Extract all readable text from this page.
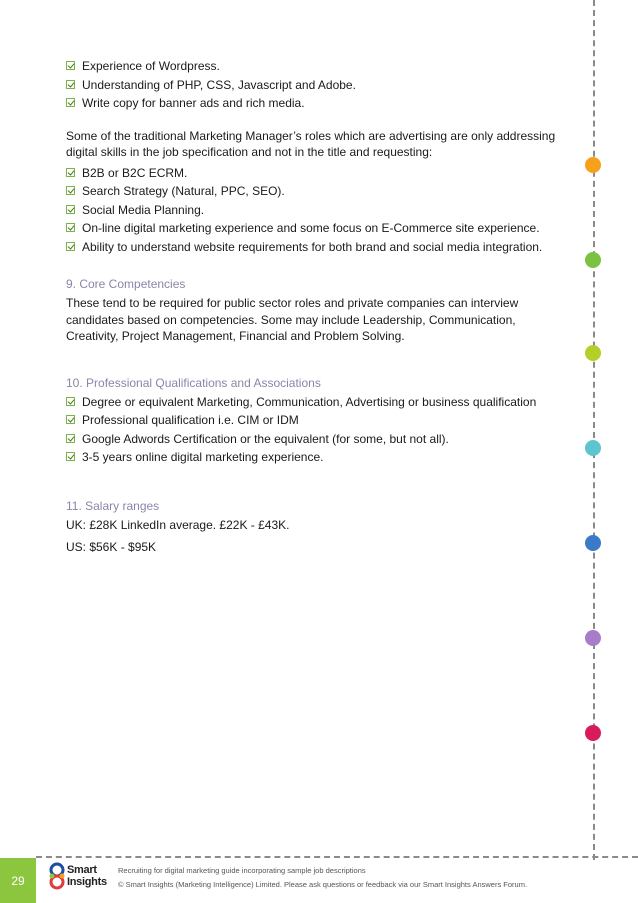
Experience of Wordpress.
Understanding of PHP, CSS, Javascript and Adobe.
Write copy for banner ads and rich media.

Some of the traditional Marketing Manager’s roles which are advertising are only addressing digital skills in the job specification and not in the title and requesting:

B2B or B2C ECRM.
Search Strategy (Natural, PPC, SEO).
Social Media Planning.
On-line digital marketing experience and some focus on E-Commerce site experience.
Ability to understand website requirements for both brand and social media integration.

9. Core Competencies

These tend to be required for public sector roles and private companies can interview candidates based on competencies. Some may include Leadership, Communication, Creativity, Project Management, Financial and Problem Solving.

10. Professional Qualifications and Associations

Degree or equivalent Marketing, Communication, Advertising or business qualification
Professional qualification i.e. CIM or IDM
Google Adwords Certification or the equivalent (for some, but not all).
3-5 years online digital marketing experience.

11. Salary ranges

UK: £28K LinkedIn average. £22K - £43K.

US: $56K - $95K

29
Smart
Insights
Recruiting for digital marketing guide incorporating sample job descriptions
© Smart Insights (Marketing Intelligence) Limited. Please ask questions or feedback via our Smart Insights Answers Forum.
